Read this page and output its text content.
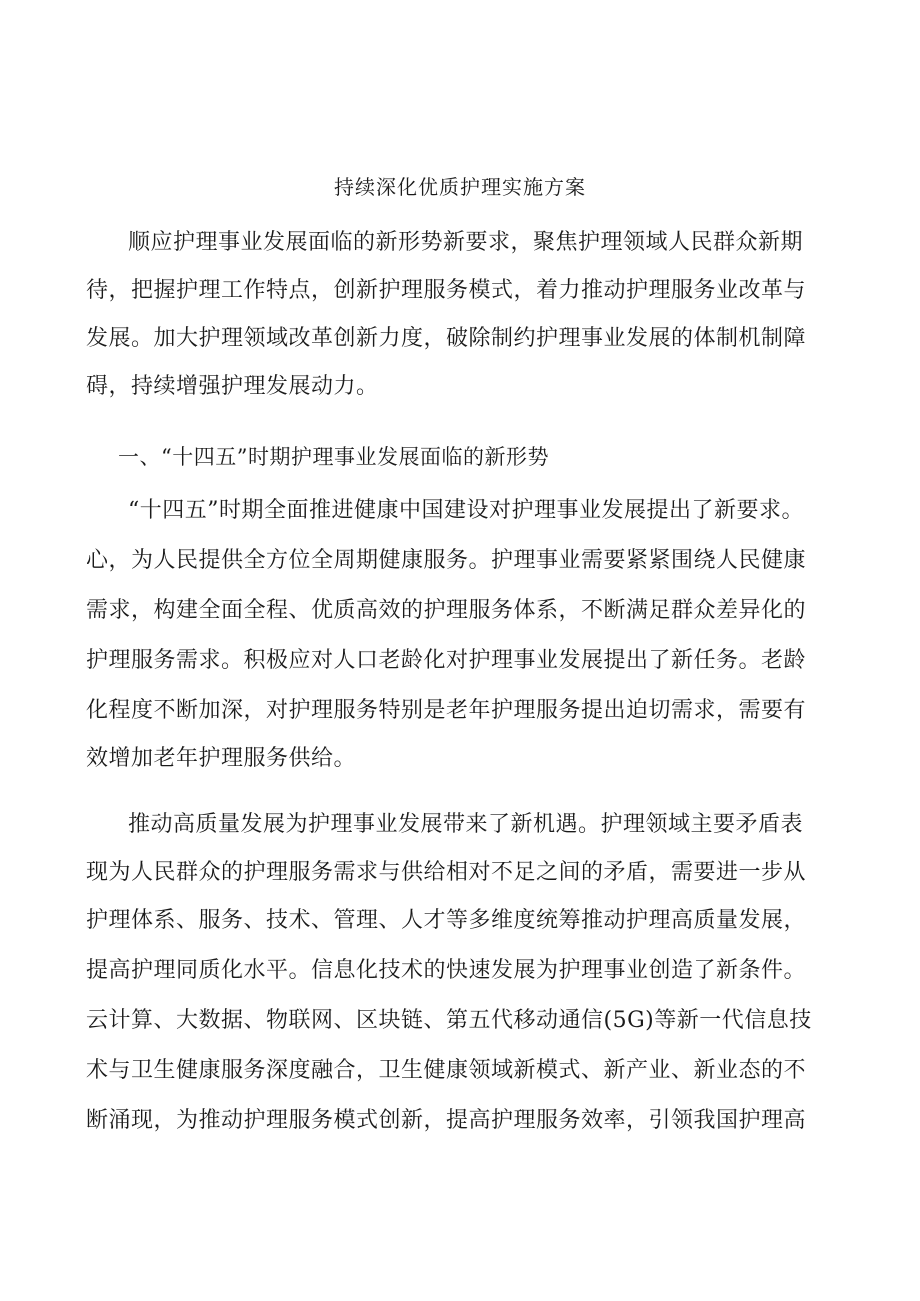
持续深化优质护理实施方案
顺应护理事业发展面临的新形势新要求，聚焦护理领域人民群众新期
待，把握护理工作特点，创新护理服务模式，着力推动护理服务业改革与
发展。加大护理领域改革创新力度，破除制约护理事业发展的体制机制障
碍，持续增强护理发展动力。
一、“十四五”时期护理事业发展面临的新形势
“十四五”时期全面推进健康中国建设对护理事业发展提出了新要求。
心，为人民提供全方位全周期健康服务。护理事业需要紧紧围绕人民健康
需求，构建全面全程、优质高效的护理服务体系，不断满足群众差异化的
护理服务需求。积极应对人口老龄化对护理事业发展提出了新任务。老龄
化程度不断加深，对护理服务特别是老年护理服务提出迫切需求，需要有
效增加老年护理服务供给。
推动高质量发展为护理事业发展带来了新机遇。护理领域主要矛盾表
现为人民群众的护理服务需求与供给相对不足之间的矛盾，需要进一步从
护理体系、服务、技术、管理、人才等多维度统筹推动护理高质量发展，
提高护理同质化水平。信息化技术的快速发展为护理事业创造了新条件。
云计算、大数据、物联网、区块链、第五代移动通信(5G)等新一代信息技
术与卫生健康服务深度融合，卫生健康领域新模式、新产业、新业态的不
断涌现，为推动护理服务模式创新，提高护理服务效率，引领我国护理高
